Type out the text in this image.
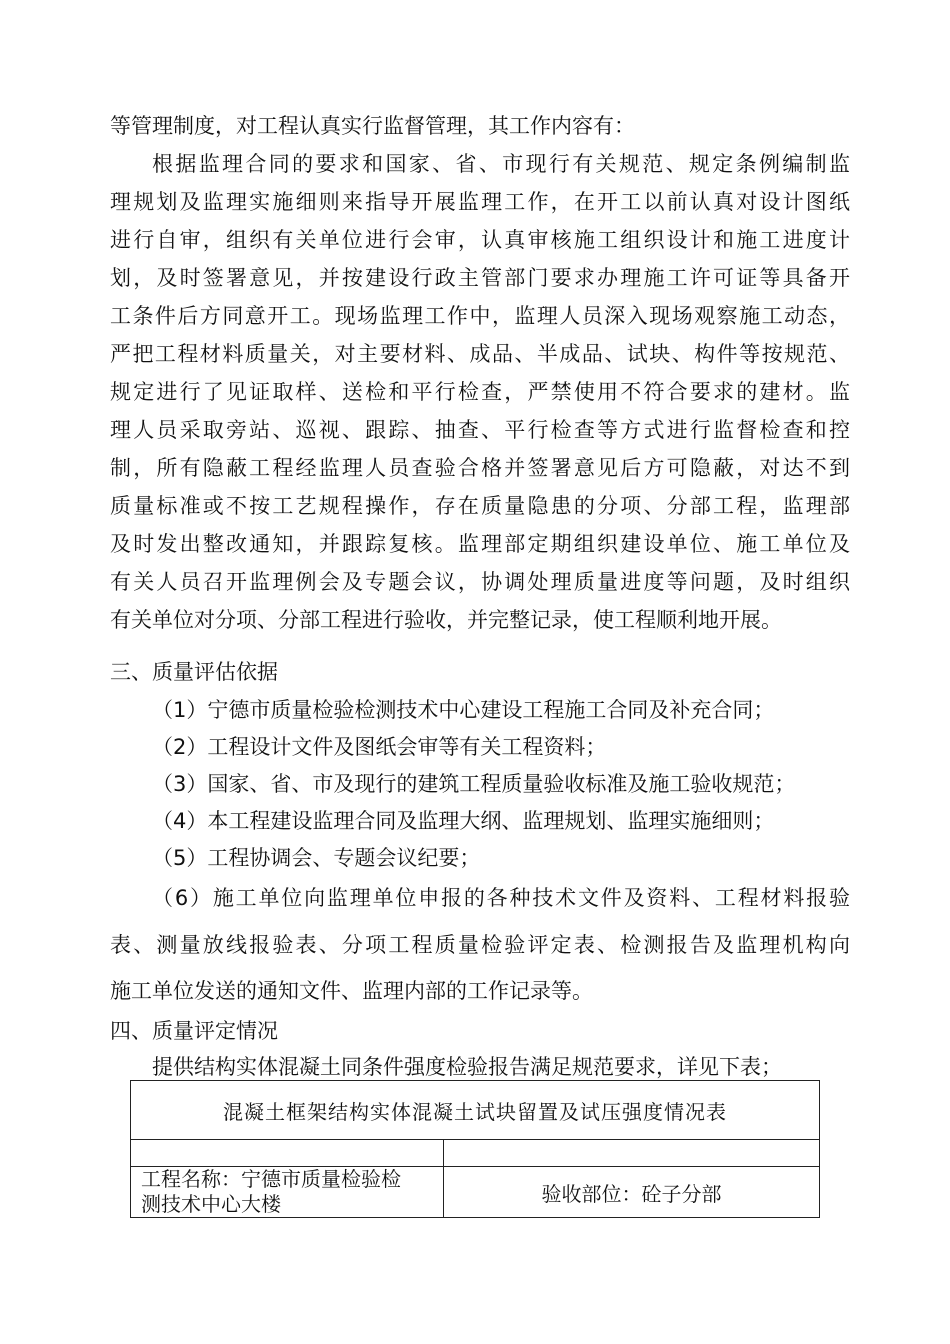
等管理制度，对工程认真实行监督管理，其工作内容有：
根据监理合同的要求和国家、省、市现行有关规范、规定条例编制监
理规划及监理实施细则来指导开展监理工作，在开工以前认真对设计图纸
进行自审，组织有关单位进行会审，认真审核施工组织设计和施工进度计
划，及时签署意见，并按建设行政主管部门要求办理施工许可证等具备开
工条件后方同意开工。现场监理工作中，监理人员深入现场观察施工动态，
严把工程材料质量关，对主要材料、成品、半成品、试块、构件等按规范、
规定进行了见证取样、送检和平行检查，严禁使用不符合要求的建材。监
理人员采取旁站、巡视、跟踪、抽查、平行检查等方式进行监督检查和控
制，所有隐蔽工程经监理人员查验合格并签署意见后方可隐蔽，对达不到
质量标准或不按工艺规程操作，存在质量隐患的分项、分部工程，监理部
及时发出整改通知，并跟踪复核。监理部定期组织建设单位、施工单位及
有关人员召开监理例会及专题会议，协调处理质量进度等问题，及时组织
有关单位对分项、分部工程进行验收，并完整记录，使工程顺利地开展。
三、质量评估依据
（1）宁德市质量检验检测技术中心建设工程施工合同及补充合同；
（2）工程设计文件及图纸会审等有关工程资料；
（3）国家、省、市及现行的建筑工程质量验收标准及施工验收规范；
（4）本工程建设监理合同及监理大纲、监理规划、监理实施细则；
（5）工程协调会、专题会议纪要；
（6）施工单位向监理单位申报的各种技术文件及资料、工程材料报验
表、测量放线报验表、分项工程质量检验评定表、检测报告及监理机构向
施工单位发送的通知文件、监理内部的工作记录等。
四、质量评定情况
提供结构实体混凝土同条件强度检验报告满足规范要求，详见下表；
混凝土框架结构实体混凝土试块留置及试压强度情况表	

工程名称：宁德市质量检验检
测技术中心大楼	验收部位：砼子分部
